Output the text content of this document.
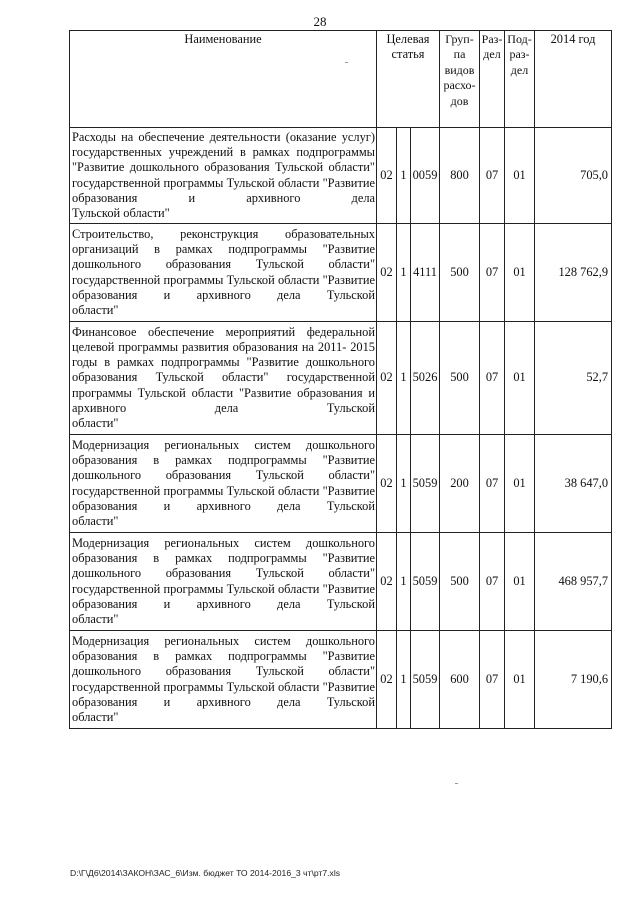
28
Наименование	Целевая статья			Груп-па видов расхо-дов	Раз-дел	Под-раз-дел	2014 год
Расходы на обеспечение деятельности (оказание услуг) государственных учреждений в рамках подпрограммы "Развитие дошкольного образования Тульской области" государственной программы Тульской области "Развитие образования и архивного дела
Тульской области"	02	1	0059	800	07	01	705,0
Строительство, реконструкция образовательных организаций в рамках подпрограммы "Развитие дошкольного образования Тульской области" государственной программы Тульской области "Развитие образования и архивного дела Тульской
области"	02	1	4111	500	07	01	128 762,9
Финансовое обеспечение мероприятий федеральной целевой программы развития образования на 2011- 2015 годы в рамках подпрограммы "Развитие дошкольного образования Тульской области" государственной программы Тульской области "Развитие образования и архивного дела Тульской
области"	02	1	5026	500	07	01	52,7
Модернизация региональных систем дошкольного образования в рамках подпрограммы "Развитие дошкольного образования Тульской области" государственной программы Тульской области "Развитие образования и архивного дела Тульской
области"	02	1	5059	200	07	01	38 647,0
Модернизация региональных систем дошкольного образования в рамках подпрограммы "Развитие дошкольного образования Тульской области" государственной программы Тульской области "Развитие образования и архивного дела Тульской
области"	02	1	5059	500	07	01	468 957,7
Модернизация региональных систем дошкольного образования в рамках подпрограммы "Развитие дошкольного образования Тульской области" государственной программы Тульской области "Развитие образования и архивного дела Тульской
области"	02	1	5059	600	07	01	7 190,6
D:\Г\Д6\2014\ЗАКОН\ЗАС_6\Изм. бюджет ТО 2014-2016_3 чт\рт7.xls
